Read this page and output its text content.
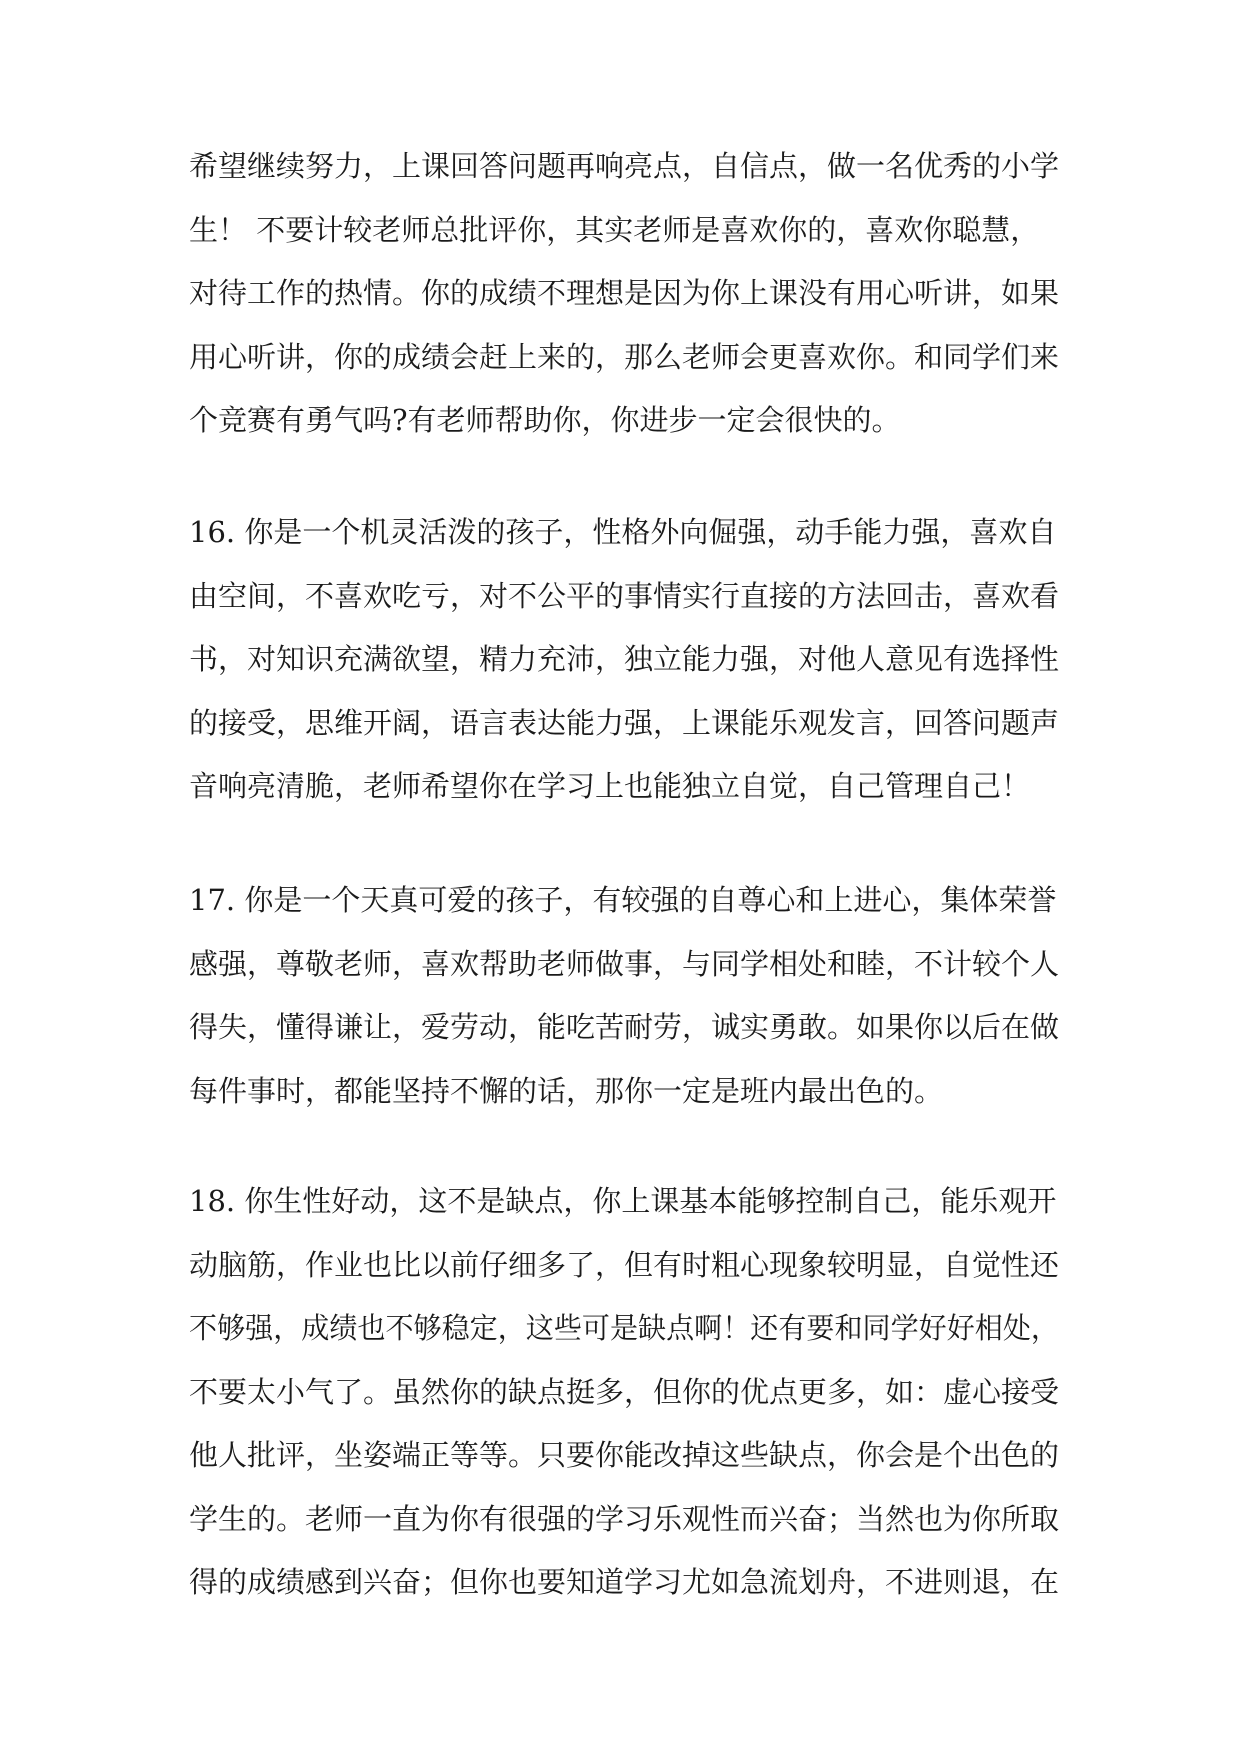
希望继续努力，上课回答问题再响亮点，自信点，做一名优秀的小学
生！ 不要计较老师总批评你，其实老师是喜欢你的，喜欢你聪慧，
对待工作的热情。你的成绩不理想是因为你上课没有用心听讲，如果
用心听讲，你的成绩会赶上来的，那么老师会更喜欢你。和同学们来
个竞赛有勇气吗?有老师帮助你，你进步一定会很快的。
16. 你是一个机灵活泼的孩子，性格外向倔强，动手能力强，喜欢自
由空间，不喜欢吃亏，对不公平的事情实行直接的方法回击，喜欢看
书，对知识充满欲望，精力充沛，独立能力强，对他人意见有选择性
的接受，思维开阔，语言表达能力强，上课能乐观发言，回答问题声
音响亮清脆，老师希望你在学习上也能独立自觉，自己管理自己！
17. 你是一个天真可爱的孩子，有较强的自尊心和上进心，集体荣誉
感强，尊敬老师，喜欢帮助老师做事，与同学相处和睦，不计较个人
得失，懂得谦让，爱劳动，能吃苦耐劳，诚实勇敢。如果你以后在做
每件事时，都能坚持不懈的话，那你一定是班内最出色的。
18. 你生性好动，这不是缺点，你上课基本能够控制自己，能乐观开
动脑筋，作业也比以前仔细多了，但有时粗心现象较明显，自觉性还
不够强，成绩也不够稳定，这些可是缺点啊！还有要和同学好好相处，
不要太小气了。虽然你的缺点挺多，但你的优点更多，如：虚心接受
他人批评，坐姿端正等等。只要你能改掉这些缺点，你会是个出色的
学生的。老师一直为你有很强的学习乐观性而兴奋；当然也为你所取
得的成绩感到兴奋；但你也要知道学习尤如急流划舟，不进则退，在
